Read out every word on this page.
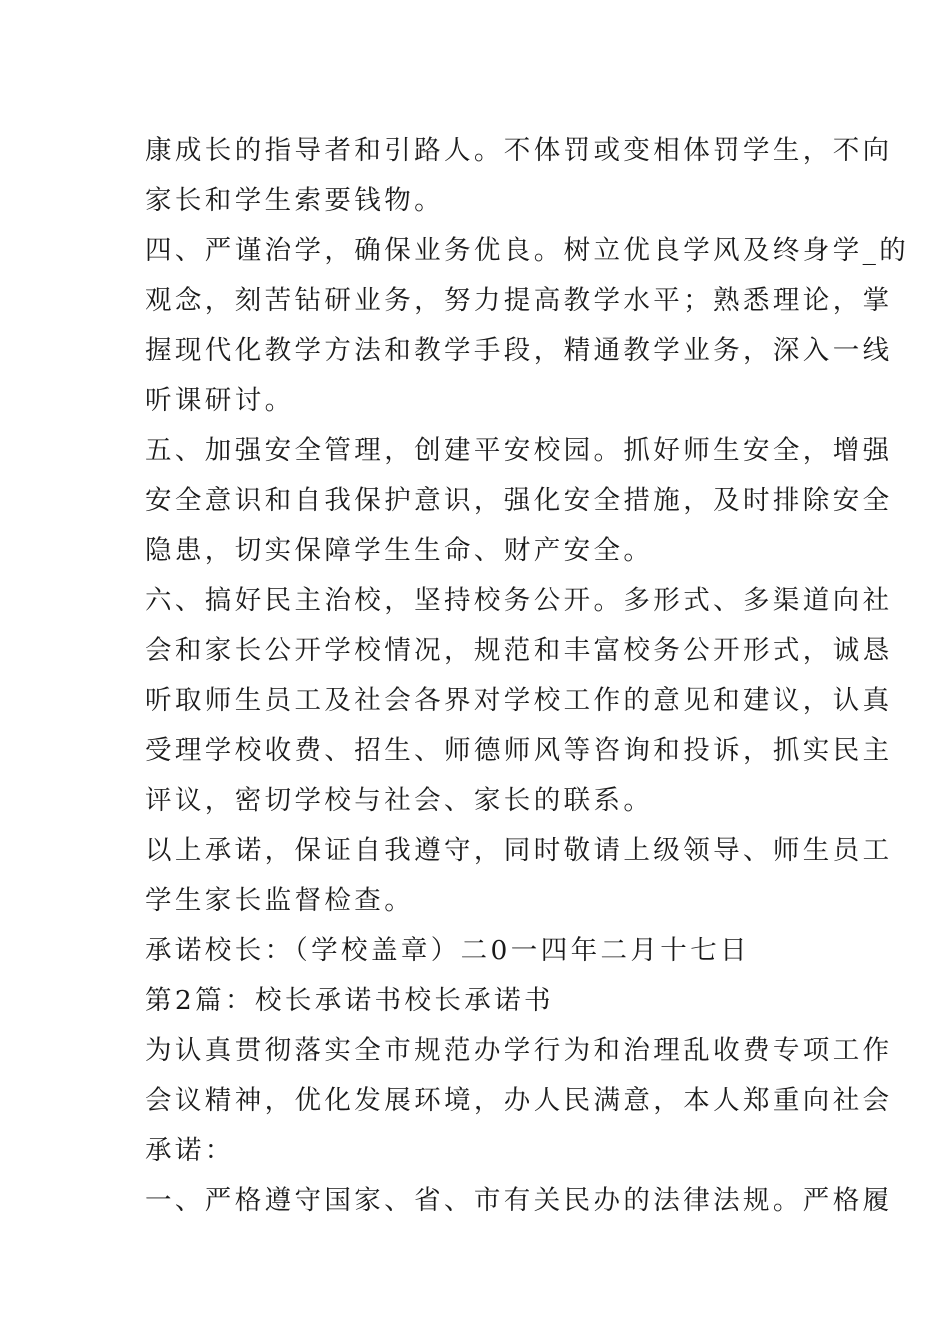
康成长的指导者和引路人。不体罚或变相体罚学生，不向
家长和学生索要钱物。
四、严谨治学，确保业务优良。树立优良学风及终身学_的
观念，刻苦钻研业务，努力提高教学水平；熟悉理论，掌
握现代化教学方法和教学手段，精通教学业务，深入一线
听课研讨。
五、加强安全管理，创建平安校园。抓好师生安全，增强
安全意识和自我保护意识，强化安全措施，及时排除安全
隐患，切实保障学生生命、财产安全。
六、搞好民主治校，坚持校务公开。多形式、多渠道向社
会和家长公开学校情况，规范和丰富校务公开形式，诚恳
听取师生员工及社会各界对学校工作的意见和建议，认真
受理学校收费、招生、师德师风等咨询和投诉，抓实民主
评议，密切学校与社会、家长的联系。
以上承诺，保证自我遵守，同时敬请上级领导、师生员工
学生家长监督检查。
承诺校长：（学校盖章）二0一四年二月十七日
第2篇：校长承诺书校长承诺书
为认真贯彻落实全市规范办学行为和治理乱收费专项工作
会议精神，优化发展环境，办人民满意，本人郑重向社会
承诺：
一、严格遵守国家、省、市有关民办的法律法规。严格履
